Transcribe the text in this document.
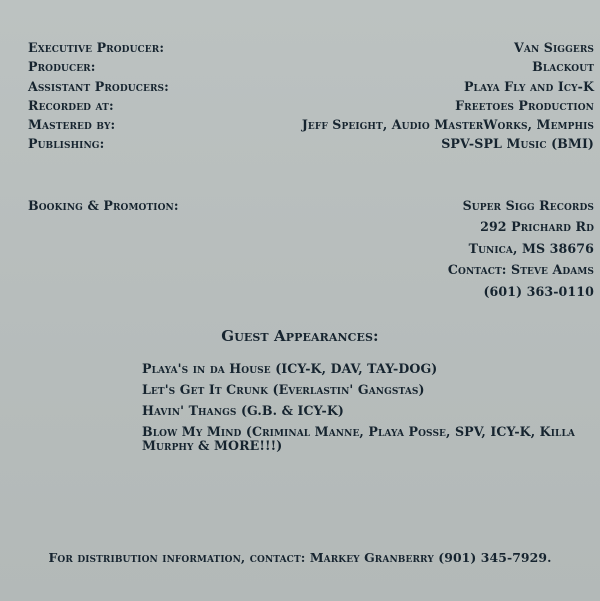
Executive Producer:	Van Siggers
Producer:	Blackout
Assistant Producers:	Playa Fly and Icy-K
Recorded at:	Freetoes Production
Mastered by:	Jeff Speight, Audio MasterWorks, Memphis
Publishing:	SPV-SPL Music (BMI)
Booking & Promotion:	Super Sigg Records
292 Prichard Rd
Tunica, MS 38676
Contact: Steve Adams
(601) 363-0110
Guest Appearances:
Playa's in da House (ICY-K, DAV, TAY-DOG)
Let's Get It Crunk (Everlastin' Gangstas)
Havin' Thangs (G.B. & ICY-K)
Blow My Mind (Criminal Manne, Playa Posse, SPV, ICY-K, Killa Murphy & MORE!!!)
For distribution information, contact: Markey Granberry (901) 345-7929.
